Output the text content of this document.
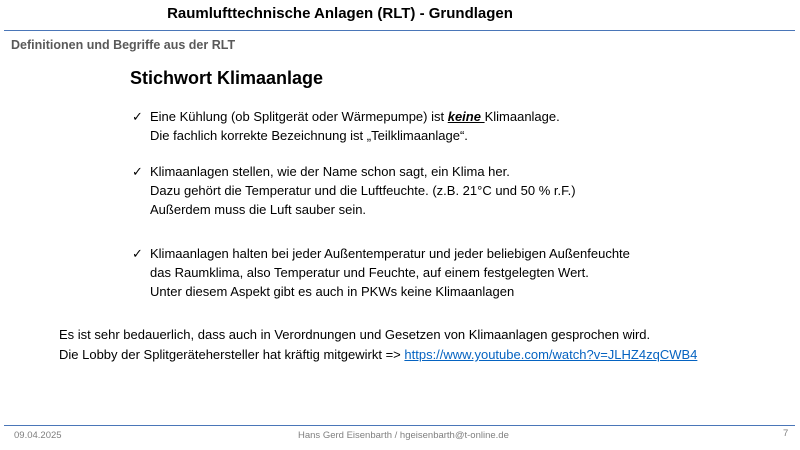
Raumlufttechnische Anlagen (RLT) - Grundlagen
Definitionen und Begriffe aus der RLT
Stichwort Klimaanlage
✓ Eine Kühlung (ob Splitgerät oder Wärmepumpe) ist keine Klimaanlage.
Die fachlich korrekte Bezeichnung ist „Teilklimaanlage“.
✓ Klimaanlagen stellen, wie der Name schon sagt, ein Klima her.
Dazu gehört die Temperatur und die Luftfeuchte. (z.B. 21°C und 50 % r.F.)
Außerdem muss die Luft sauber sein.
✓ Klimaanlagen halten bei jeder Außentemperatur und jeder beliebigen Außenfeuchte
das Raumklima, also Temperatur und Feuchte, auf einem festgelegten Wert.
Unter diesem Aspekt gibt es auch in PKWs keine Klimaanlagen
Es ist sehr bedauerlich, dass auch in Verordnungen und Gesetzen von Klimaanlagen gesprochen wird.
Die Lobby der Splitgerätehersteller hat kräftig mitgewirkt => https://www.youtube.com/watch?v=JLHZ4zqCWB4
09.04.2025	Hans Gerd Eisenbarth / hgeisenbarth@t-online.de	7
